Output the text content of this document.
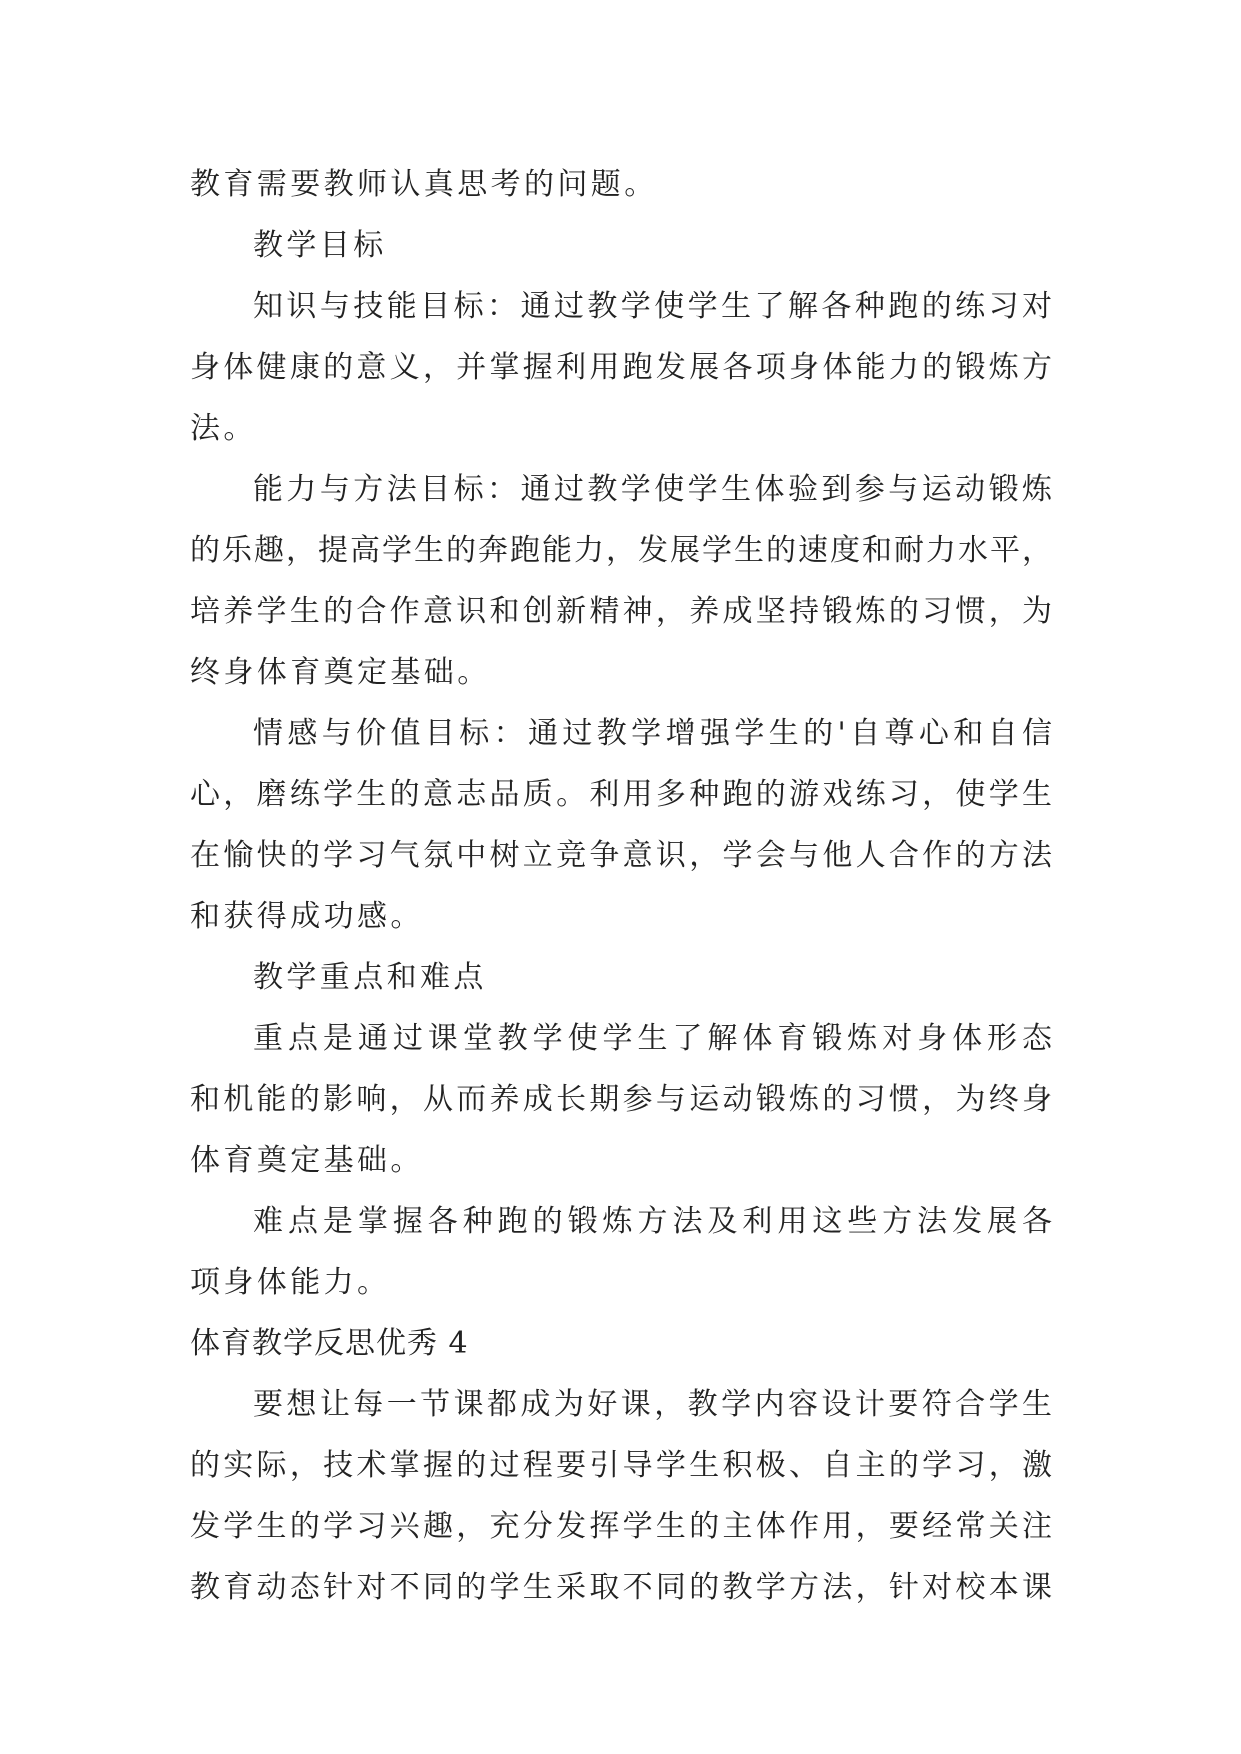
教育需要教师认真思考的问题。
教学目标
知识与技能目标：通过教学使学生了解各种跑的练习对
身体健康的意义，并掌握利用跑发展各项身体能力的锻炼方
法。
能力与方法目标：通过教学使学生体验到参与运动锻炼
的乐趣，提高学生的奔跑能力，发展学生的速度和耐力水平，
培养学生的合作意识和创新精神，养成坚持锻炼的习惯，为
终身体育奠定基础。
情感与价值目标：通过教学增强学生的'自尊心和自信
心，磨练学生的意志品质。利用多种跑的游戏练习，使学生
在愉快的学习气氛中树立竞争意识，学会与他人合作的方法
和获得成功感。
教学重点和难点
重点是通过课堂教学使学生了解体育锻炼对身体形态
和机能的影响，从而养成长期参与运动锻炼的习惯，为终身
体育奠定基础。
难点是掌握各种跑的锻炼方法及利用这些方法发展各
项身体能力。
体育教学反思优秀 4
要想让每一节课都成为好课，教学内容设计要符合学生
的实际，技术掌握的过程要引导学生积极、自主的学习，激
发学生的学习兴趣，充分发挥学生的主体作用，要经常关注
教育动态针对不同的学生采取不同的教学方法，针对校本课
